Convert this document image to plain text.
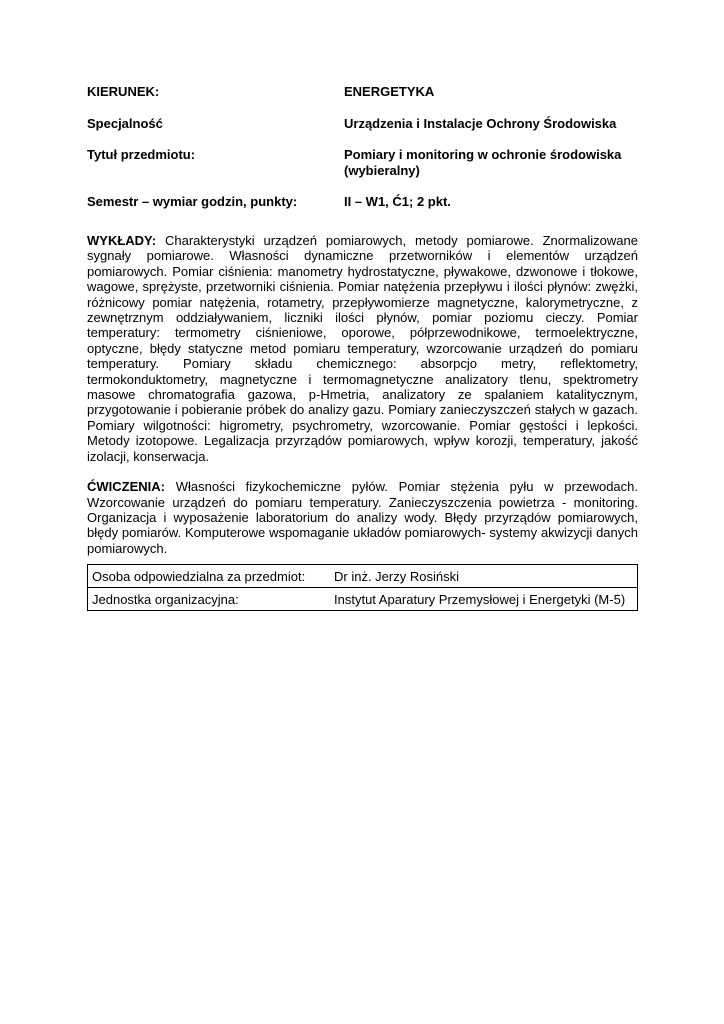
KIERUNEK:	ENERGETYKA
Specjalność	Urządzenia i Instalacje Ochrony Środowiska
Tytuł przedmiotu:	Pomiary i monitoring w ochronie środowiska (wybieralny)
Semestr – wymiar godzin, punkty:	II – W1, Ć1; 2 pkt.

WYKŁADY: Charakterystyki urządzeń pomiarowych, metody pomiarowe. Znormalizowane sygnały pomiarowe. Własności dynamiczne przetworników i elementów urządzeń pomiarowych. Pomiar ciśnienia: manometry hydrostatyczne, pływakowe, dzwonowe i tłokowe, wagowe, sprężyste, przetworniki ciśnienia. Pomiar natężenia przepływu i ilości płynów: zwężki, różnicowy pomiar natężenia, rotametry, przepływomierze magnetyczne, kalorymetryczne, z zewnętrznym oddziaływaniem, liczniki ilości płynów, pomiar poziomu cieczy. Pomiar temperatury: termometry ciśnieniowe, oporowe, półprzewodnikowe, termoelektryczne, optyczne, błędy statyczne metod pomiaru temperatury, wzorcowanie urządzeń do pomiaru temperatury. Pomiary składu chemicznego: absorpcjo metry, reflektometry, termokonduktometry, magnetyczne i termomagnetyczne analizatory tlenu, spektrometry masowe chromatografia gazowa, p-Hmetria, analizatory ze spalaniem katalitycznym, przygotowanie i pobieranie próbek do analizy gazu. Pomiary zanieczyszczeń stałych w gazach. Pomiary wilgotności: higrometry, psychrometry, wzorcowanie. Pomiar gęstości i lepkości. Metody izotopowe. Legalizacja przyrządów pomiarowych, wpływ korozji, temperatury, jakość izolacji, konserwacja.

ĆWICZENIA: Własności fizykochemiczne pyłów. Pomiar stężenia pyłu w przewodach. Wzorcowanie urządzeń do pomiaru temperatury. Zanieczyszczenia powietrza - monitoring. Organizacja i wyposażenie laboratorium do analizy wody. Błędy przyrządów pomiarowych, błędy pomiarów. Komputerowe wspomaganie układów pomiarowych- systemy akwizycji danych pomiarowych.

Osoba odpowiedzialna za przedmiot:	Dr inż. Jerzy Rosiński
Jednostka organizacyjna:	Instytut Aparatury Przemysłowej i Energetyki (M-5)
